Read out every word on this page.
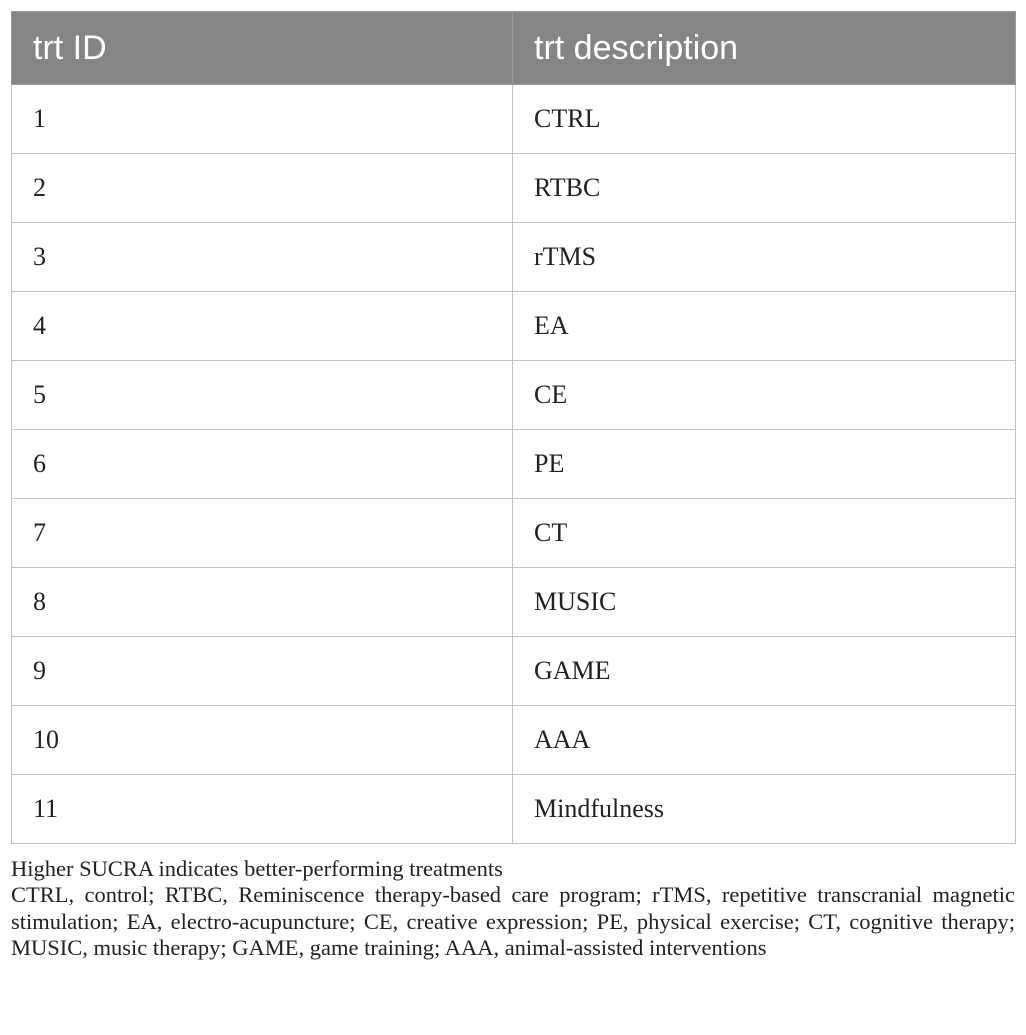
trt ID	trt description
1	CTRL
2	RTBC
3	rTMS
4	EA
5	CE
6	PE
7	CT
8	MUSIC
9	GAME
10	AAA
11	Mindfulness

Higher SUCRA indicates better-performing treatments

CTRL, control; RTBC, Reminiscence therapy-based care program; rTMS, repetitive transcranial magnetic stimulation; EA, electro-acupuncture; CE, creative expression; PE, physical exercise; CT, cognitive therapy; MUSIC, music therapy; GAME, game training; AAA, animal-assisted interventions
